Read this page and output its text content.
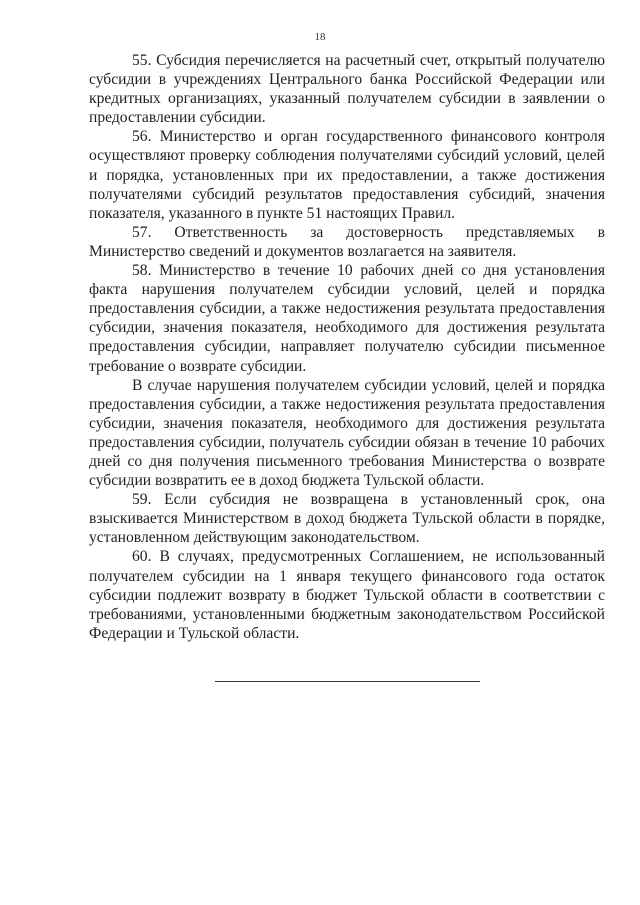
18

55. Субсидия перечисляется на расчетный счет, открытый получателю субсидии в учреждениях Центрального банка Российской Федерации или кредитных организациях, указанный получателем субсидии в заявлении о предоставлении субсидии.

56. Министерство и орган государственного финансового контроля осуществляют проверку соблюдения получателями субсидий условий, целей и порядка, установленных при их предоставлении, а также достижения получателями субсидий результатов предоставления субсидий, значения показателя, указанного в пункте 51 настоящих Правил.

57. Ответственность за достоверность представляемых в Министерство сведений и документов возлагается на заявителя.

58. Министерство в течение 10 рабочих дней со дня установления факта нарушения получателем субсидии условий, целей и порядка предоставления субсидии, а также недостижения результата предоставления субсидии, значения показателя, необходимого для достижения результата предоставления субсидии, направляет получателю субсидии письменное требование о возврате субсидии.

В случае нарушения получателем субсидии условий, целей и порядка предоставления субсидии, а также недостижения результата предоставления субсидии, значения показателя, необходимого для достижения результата предоставления субсидии, получатель субсидии обязан в течение 10 рабочих дней со дня получения письменного требования Министерства о возврате субсидии возвратить ее в доход бюджета Тульской области.

59. Если субсидия не возвращена в установленный срок, она взыскивается Министерством в доход бюджета Тульской области в порядке, установленном действующим законодательством.

60. В случаях, предусмотренных Соглашением, не использованный получателем субсидии на 1 января текущего финансового года остаток субсидии подлежит возврату в бюджет Тульской области в соответствии с требованиями, установленными бюджетным законодательством Российской Федерации и Тульской области.
